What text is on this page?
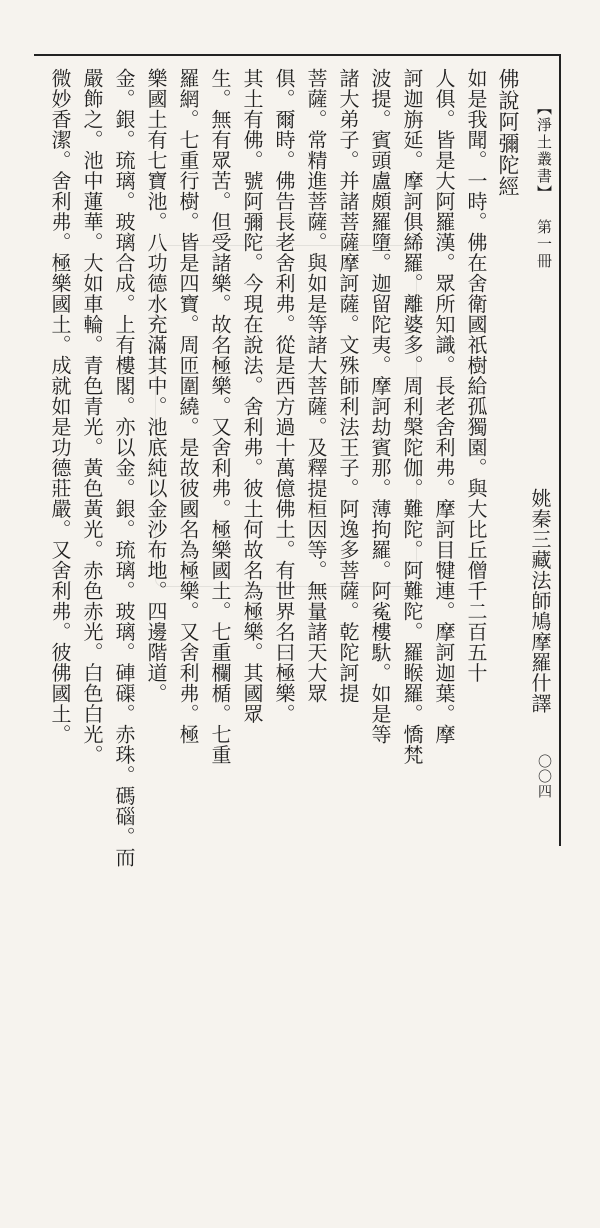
【淨土叢書】
第一冊
〇〇四
佛說阿彌陀經
姚秦三藏法師鳩摩羅什譯
如是我聞。一時。佛在舍衛國祇樹給孤獨園。與大比丘僧千二百五十
人俱。皆是大阿羅漢。眾所知識。長老舍利弗。摩訶目犍連。摩訶迦葉。摩
訶迦旃延。摩訶俱絺羅。離婆多。周利槃陀伽。難陀。阿難陀。羅睺羅。憍梵
波提。賓頭盧頗羅墮。迦留陀夷。摩訶劫賓那。薄拘羅。阿㝹樓馱。如是等
諸大弟子。并諸菩薩摩訶薩。文殊師利法王子。阿逸多菩薩。乾陀訶提
菩薩。常精進菩薩。與如是等諸大菩薩。及釋提桓因等。無量諸天大眾
俱。爾時。佛告長老舍利弗。從是西方過十萬億佛土。有世界名曰極樂。
其土有佛。號阿彌陀。今現在說法。舍利弗。彼土何故名為極樂。其國眾
生。無有眾苦。但受諸樂。故名極樂。又舍利弗。極樂國土。七重欄楯。七重
羅網。七重行樹。皆是四寶。周匝圍繞。是故彼國名為極樂。又舍利弗。極
樂國土有七寶池。八功德水充滿其中。池底純以金沙布地。四邊階道。
金。銀。琉璃。玻璃合成。上有樓閣。亦以金。銀。琉璃。玻璃。硨磲。赤珠。碼碯。而
嚴飾之。池中蓮華。大如車輪。青色青光。黃色黃光。赤色赤光。白色白光。
微妙香潔。舍利弗。極樂國土。成就如是功德莊嚴。又舍利弗。彼佛國土。
